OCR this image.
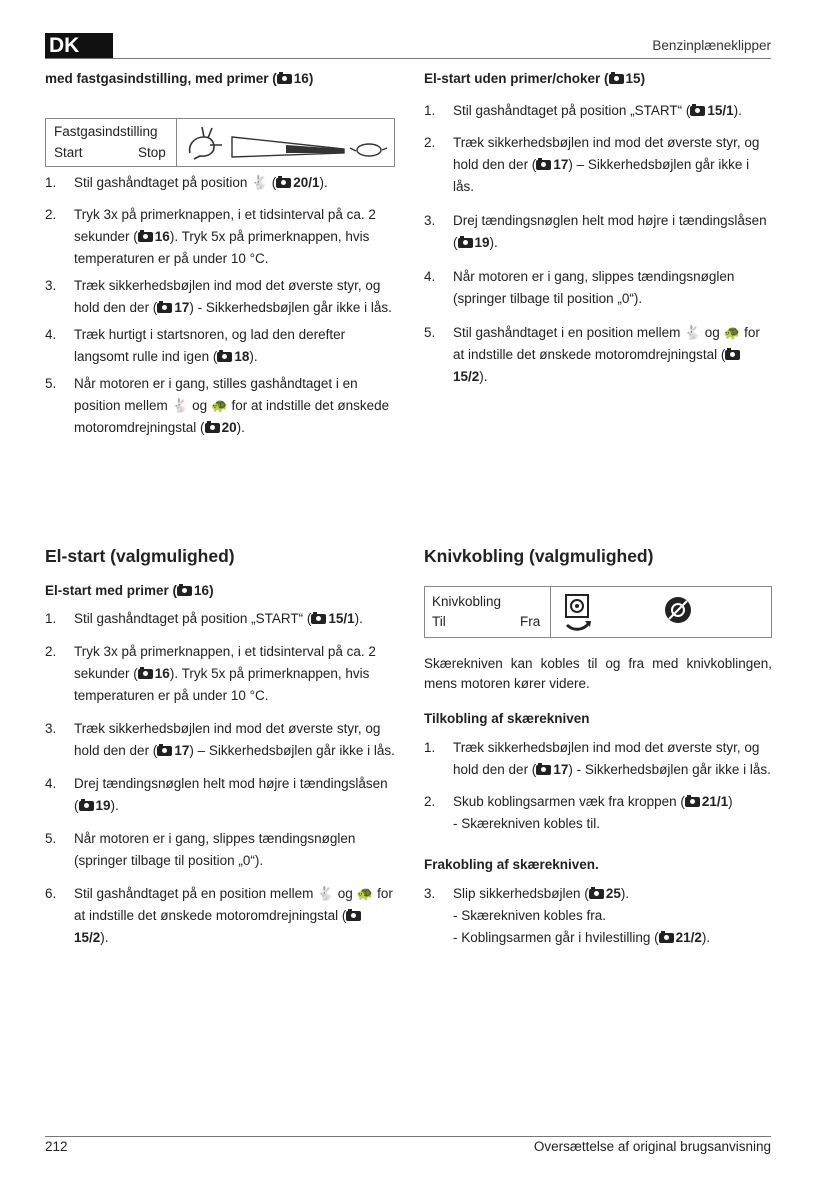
DK	Benzinplæneklipper

med fastgasindstilling, med primer ( 16)

Fastgasindstilling
Start	Stop
1. Stil gashåndtaget på position 🐇 ( 20/1).
2. Tryk 3x på primerknappen, i et tidsinterval på ca. 2 sekunder ( 16). Tryk 5x på primerknappen, hvis temperaturen er på under 10 °C.
3. Træk sikkerhedsbøjlen ind mod det øverste styr, og hold den der ( 17) - Sikkerhedsbøjlen går ikke i lås.
4. Træk hurtigt i startsnoren, og lad den derefter langsomt rulle ind igen ( 18).
5. Når motoren er i gang, stilles gashåndtaget i en position mellem 🐇 og 🐢 for at indstille det ønskede motoromdrejningstal ( 20).

El-start uden primer/choker ( 15)

1. Stil gashåndtaget på position „START“ ( 15/1).
2. Træk sikkerhedsbøjlen ind mod det øverste styr, og hold den der ( 17) – Sikkerhedsbøjlen går ikke i lås.
3. Drej tændingsnøglen helt mod højre i tændingslåsen ( 19).
4. Når motoren er i gang, slippes tændingsnøglen (springer tilbage til position „0“).
5. Stil gashåndtaget i en position mellem 🐇 og 🐢 for at indstille det ønskede motoromdrejningstal (15/2).

El-start (valgmulighed)

El-start med primer ( 16)

1. Stil gashåndtaget på position „START“ ( 15/1).
2. Tryk 3x på primerknappen, i et tidsinterval på ca. 2 sekunder ( 16). Tryk 5x på primerknappen, hvis temperaturen er på under 10 °C.
3. Træk sikkerhedsbøjlen ind mod det øverste styr, og hold den der ( 17) – Sikkerhedsbøjlen går ikke i lås.
4. Drej tændingsnøglen helt mod højre i tændingslåsen ( 19).
5. Når motoren er i gang, slippes tændingsnøglen (springer tilbage til position „0“).
6. Stil gashåndtaget på en position mellem 🐇 og 🐢 for at indstille det ønskede motoromdrejningstal (15/2).

Knivkobling (valgmulighed)

Knivkobling
Til	Fra

Skærekniven kan kobles til og fra med knivkoblingen, mens motoren kører videre.

Tilkobling af skærekniven

1. Træk sikkerhedsbøjlen ind mod det øverste styr, og hold den der ( 17) - Sikkerhedsbøjlen går ikke i lås.
2. Skub koblingsarmen væk fra kroppen ( 21/1)
- Skærekniven kobles til.

Frakobling af skærekniven.

3. Slip sikkerhedsbøjlen ( 25).
- Skærekniven kobles fra.
- Koblingsarmen går i hvilestilling ( 21/2).
212	Oversættelse af original brugsanvisning
